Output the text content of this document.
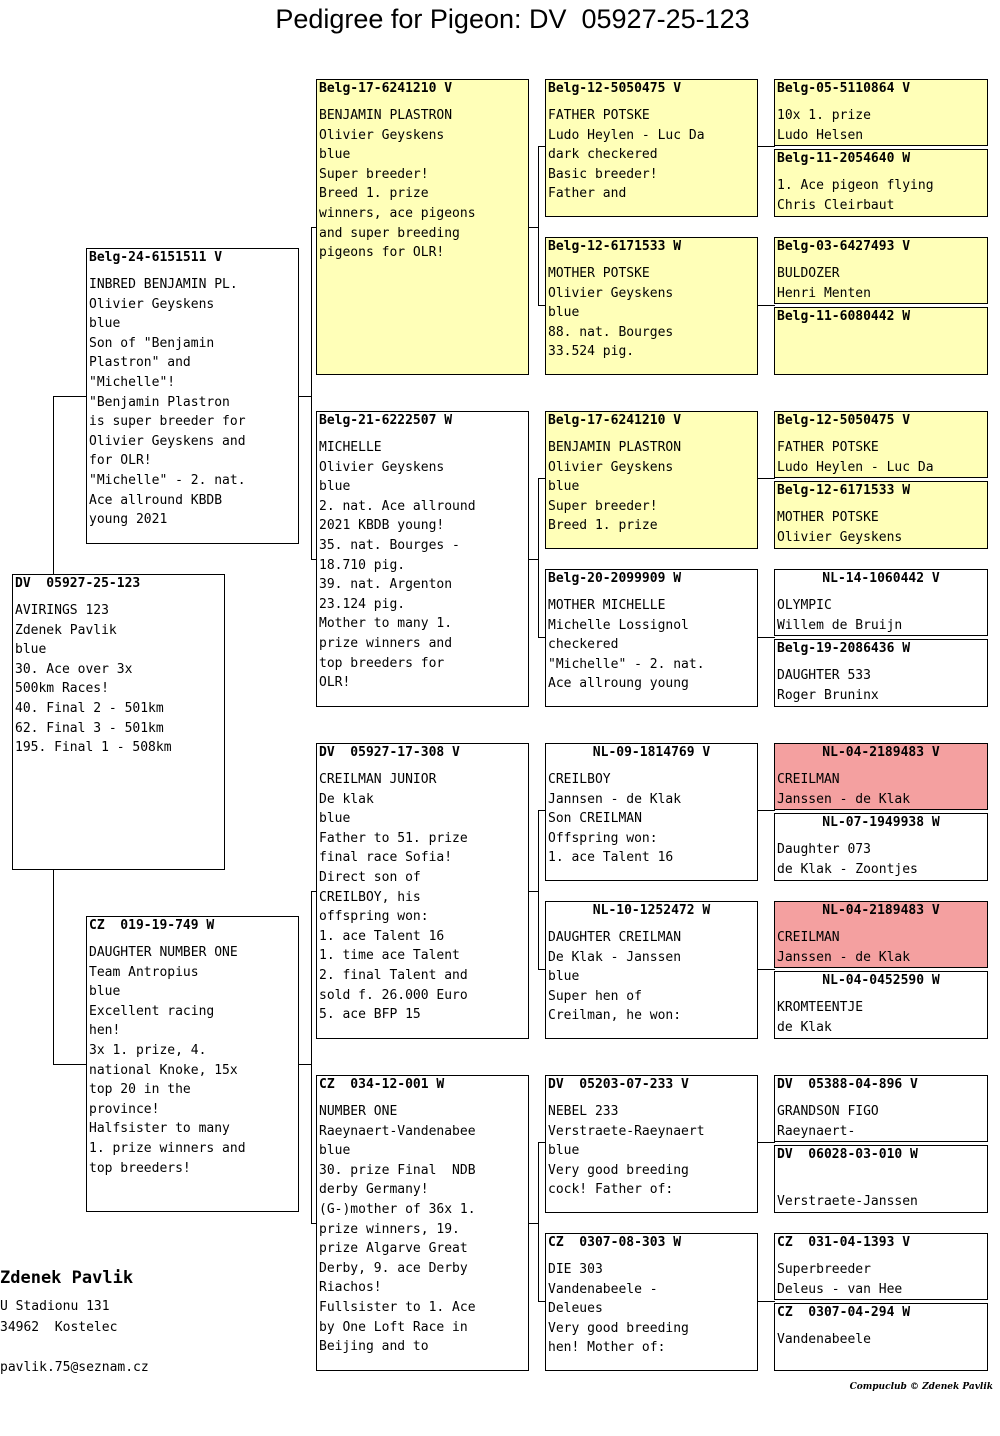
Pedigree for Pigeon: DV  05927-25-123
DV  05927-25-123
AVIRINGS 123
Zdenek Pavlik
blue
30. Ace over 3x
500km Races!
40. Final 2 - 501km
62. Final 3 - 501km
195. Final 1 - 508km
Belg-24-6151511 V
INBRED BENJAMIN PL.
Olivier Geyskens
blue
Son of "Benjamin
Plastron" and
"Michelle"!
"Benjamin Plastron
is super breeder for
Olivier Geyskens and
for OLR!
"Michelle" - 2. nat.
Ace allround KBDB
young 2021
CZ  019-19-749 W
DAUGHTER NUMBER ONE
Team Antropius
blue
Excellent racing
hen!
3x 1. prize, 4.
national Knoke, 15x
top 20 in the
province!
Halfsister to many
1. prize winners and
top breeders!
Belg-17-6241210 V
BENJAMIN PLASTRON
Olivier Geyskens
blue
Super breeder!
Breed 1. prize
winners, ace pigeons
and super breeding
pigeons for OLR!
Belg-21-6222507 W
MICHELLE
Olivier Geyskens
blue
2. nat. Ace allround
2021 KBDB young!
35. nat. Bourges -
18.710 pig.
39. nat. Argenton
23.124 pig.
Mother to many 1.
prize winners and
top breeders for
OLR!
DV  05927-17-308 V
CREILMAN JUNIOR
De klak
blue
Father to 51. prize
final race Sofia!
Direct son of
CREILBOY, his
offspring won:
1. ace Talent 16
1. time ace Talent
2. final Talent and
sold f. 26.000 Euro
5. ace BFP 15
CZ  034-12-001 W
NUMBER ONE
Raeynaert-Vandenabee
blue
30. prize Final  NDB
derby Germany!
(G-)mother of 36x 1.
prize winners, 19.
prize Algarve Great
Derby, 9. ace Derby
Riachos!
Fullsister to 1. Ace
by One Loft Race in
Beijing and to
Belg-12-5050475 V
FATHER POTSKE
Ludo Heylen - Luc Da
dark checkered
Basic breeder!
Father and
Belg-12-6171533 W
MOTHER POTSKE
Olivier Geyskens
blue
88. nat. Bourges
33.524 pig.
Belg-17-6241210 V
BENJAMIN PLASTRON
Olivier Geyskens
blue
Super breeder!
Breed 1. prize
Belg-20-2099909 W
MOTHER MICHELLE
Michelle Lossignol
checkered
"Michelle" - 2. nat.
Ace allroung young
NL-09-1814769 V
CREILBOY
Jannsen - de Klak
Son CREILMAN
Offspring won:
1. ace Talent 16
NL-10-1252472 W
DAUGHTER CREILMAN
De Klak - Janssen
blue
Super hen of
Creilman, he won:
DV  05203-07-233 V
NEBEL 233
Verstraete-Raeynaert
blue
Very good breeding
cock! Father of:
CZ  0307-08-303 W
DIE 303
Vandenabeele -
Deleues
Very good breeding
hen! Mother of:
Belg-05-5110864 V
10x 1. prize
Ludo Helsen
Belg-11-2054640 W
1. Ace pigeon flying
Chris Cleirbaut
Belg-03-6427493 V
BULDOZER
Henri Menten
Belg-11-6080442 W
Belg-12-5050475 V
FATHER POTSKE
Ludo Heylen - Luc Da
Belg-12-6171533 W
MOTHER POTSKE
Olivier Geyskens
NL-14-1060442 V
OLYMPIC
Willem de Bruijn
Belg-19-2086436 W
DAUGHTER 533
Roger Bruninx
NL-04-2189483 V
CREILMAN
Janssen - de Klak
NL-07-1949938 W
Daughter 073
de Klak - Zoontjes
NL-04-2189483 V
CREILMAN
Janssen - de Klak
NL-04-0452590 W
KROMTEENTJE
de Klak
DV  05388-04-896 V
GRANDSON FIGO
Raeynaert-
DV  06028-03-010 W

Verstraete-Janssen
CZ  031-04-1393 V
Superbreeder
Deleus - van Hee
CZ  0307-04-294 W
Vandenabeele
Zdenek Pavlik
U Stadionu 131
34962  Kostelec
pavlik.75@seznam.cz
Compuclub © Zdenek Pavlik
